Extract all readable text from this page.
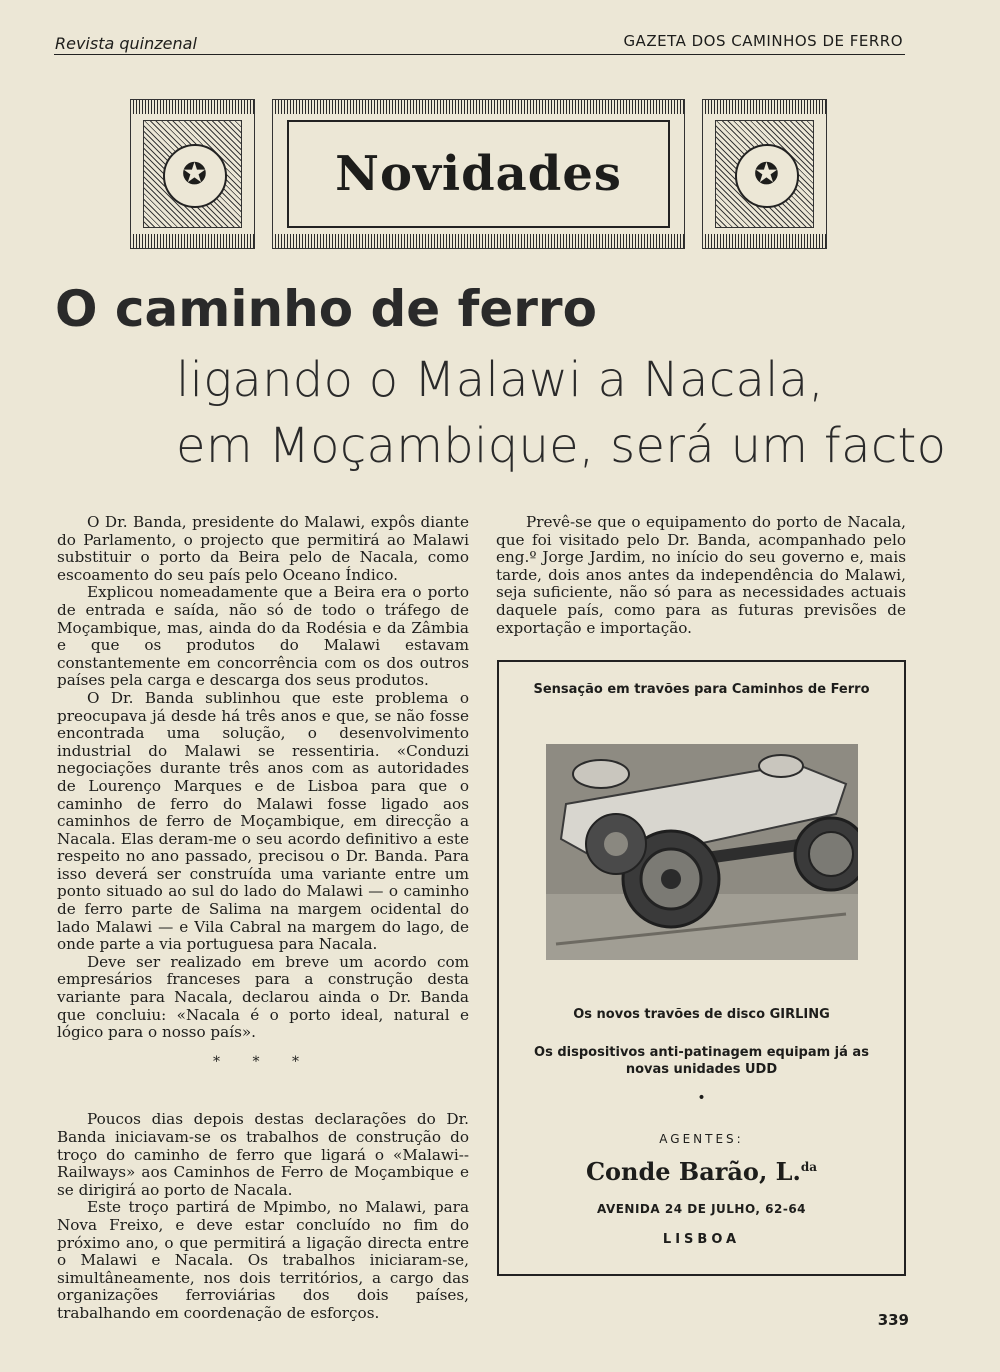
Revista quinzenal	GAZETA DOS CAMINHOS DE FERRO
✪	Novidades	✪
O caminho de ferro
ligando o Malawi a Nacala,
em Moçambique, será um facto

O Dr. Banda, presidente do Malawi, expôs diante do Parlamento, o projecto que permitirá ao Malawi substituir o porto da Beira pelo de Nacala, como escoamento do seu país pelo Oceano Índico.

Explicou nomeadamente que a Beira era o porto de entrada e saída, não só de todo o tráfego de Moçambique, mas, ainda do da Rodésia e da Zâmbia e que os produtos do Malawi estavam constantemente em concorrência com os dos outros países pela carga e descarga dos seus produtos.

O Dr. Banda sublinhou que este problema o preocupava já desde há três anos e que, se não fosse encontrada uma solução, o desenvolvimento industrial do Malawi se ressentiria. «Conduzi negociações durante três anos com as autoridades de Lourenço Marques e de Lisboa para que o caminho de ferro do Malawi fosse ligado aos caminhos de ferro de Moçambique, em direcção a Nacala. Elas deram-me o seu acordo definitivo a este respeito no ano passado, precisou o Dr. Banda. Para isso deverá ser construída uma variante entre um ponto situado ao sul do lado do Malawi — o caminho de ferro parte de Salima na margem ocidental do lado Malawi — e Vila Cabral na margem do lago, de onde parte a via portuguesa para Nacala.

Deve ser realizado em breve um acordo com empresários franceses para a construção desta variante para Nacala, declarou ainda o Dr. Banda que concluiu: «Nacala é o porto ideal, natural e lógico para o nosso país».

* * *

Poucos dias depois destas declarações do Dr. Banda iniciavam-se os trabalhos de construção do troço do caminho de ferro que ligará o «Malawi--Railways» aos Caminhos de Ferro de Moçambique e se dirigirá ao porto de Nacala.

Este troço partirá de Mpimbo, no Malawi, para Nova Freixo, e deve estar concluído no fim do próximo ano, o que permitirá a ligação directa entre o Malawi e Nacala. Os trabalhos iniciaram-se, simultâneamente, nos dois territórios, a cargo das organizações ferroviárias dos dois países, trabalhando em coordenação de esforços.

Prevê-se que o equipamento do porto de Nacala, que foi visitado pelo Dr. Banda, acompanhado pelo eng.º Jorge Jardim, no início do seu governo e, mais tarde, dois anos antes da independência do Malawi, seja suficiente, não só para as necessidades actuais daquele país, como para as futuras previsões de exportação e importação.

Sensação em travões para Caminhos de Ferro
Os novos travões de disco GIRLING
Os dispositivos anti-patinagem equipam já as novas unidades UDD
•
AGENTES:
Conde Barão, L.$^{da}$
AVENIDA 24 DE JULHO, 62-64
LISBOA
339
